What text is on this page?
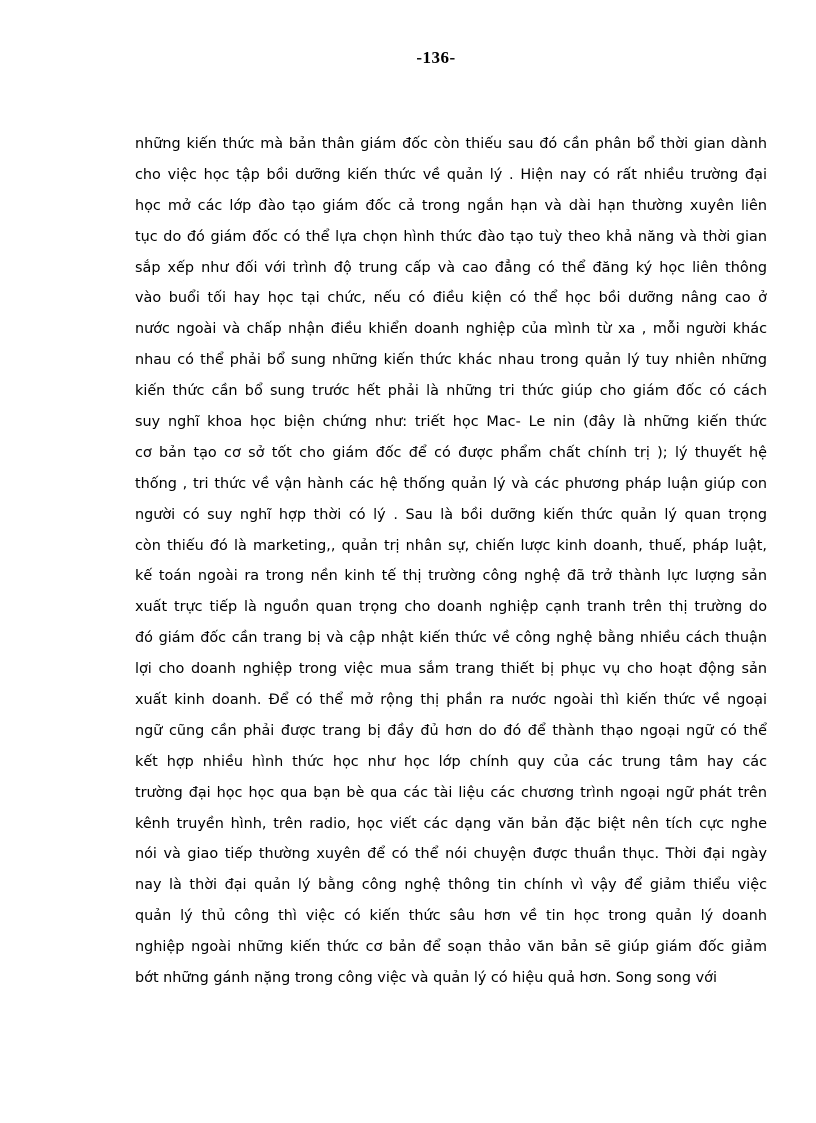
-136-
những kiến thức mà bản thân giám đốc còn thiếu sau đó cần phân bổ thời gian dành
cho việc học tập bồi dưỡng kiến thức về quản lý . Hiện nay có rất nhiều trường đại
học mở các lớp đào tạo giám đốc cả trong ngắn hạn và dài hạn thường xuyên liên
tục do đó giám đốc có thể lựa chọn hình thức đào tạo tuỳ theo khả năng và thời gian
sắp xếp như đối với trình độ trung cấp và cao đẳng có thể đăng ký học liên thông
vào buổi tối hay học tại chức, nếu có điều kiện có thể học bồi dưỡng nâng cao ở
nước ngoài và chấp nhận điều khiển doanh nghiệp của mình từ xa , mỗi người khác
nhau có thể phải bổ sung những kiến thức khác nhau trong quản lý tuy nhiên những
kiến thức cần bổ sung trước hết phải là những tri thức giúp cho giám đốc có cách
suy nghĩ khoa học biện chứng như: triết học Mac- Le nin (đây là những kiến thức
cơ bản tạo cơ sở tốt cho giám đốc để có được phẩm chất chính trị ); lý thuyết hệ
thống , tri thức về vận hành các hệ thống quản lý và các phương pháp luận giúp con
người có suy nghĩ hợp thời có lý . Sau là bồi dưỡng kiến thức quản lý quan trọng
còn thiếu đó là marketing,, quản trị nhân sự, chiến lược kinh doanh, thuế, pháp luật,
kế toán ngoài ra trong nền kinh tế thị trường công nghệ đã trở thành lực lượng sản
xuất trực tiếp là nguồn quan trọng cho doanh nghiệp cạnh tranh trên thị trường do
đó giám đốc cần trang bị và cập nhật kiến thức về công nghệ bằng nhiều cách thuận
lợi cho doanh nghiệp trong việc mua sắm trang thiết bị phục vụ cho hoạt động sản
xuất kinh doanh. Để có thể mở rộng thị phần ra nước ngoài thì kiến thức về ngoại
ngữ cũng cần phải được trang bị đầy đủ hơn do đó để thành thạo ngoại ngữ có thể
kết hợp nhiều hình thức học như học lớp chính quy của các trung tâm hay các
trường đại học học qua bạn bè qua các tài liệu các chương trình ngoại ngữ phát trên
kênh truyền hình, trên radio, học viết các dạng văn bản đặc biệt nên tích cực nghe
nói và giao tiếp thường xuyên để có thể nói chuyện được thuần thục. Thời đại ngày
nay là thời đại quản lý bằng công nghệ thông tin chính vì vậy để giảm thiểu việc
quản lý thủ công thì việc có kiến thức sâu hơn về tin học trong quản lý doanh
nghiệp ngoài những kiến thức cơ bản để soạn thảo văn bản sẽ giúp giám đốc giảm
bớt những gánh nặng trong công việc và quản lý có hiệu quả hơn. Song song với
